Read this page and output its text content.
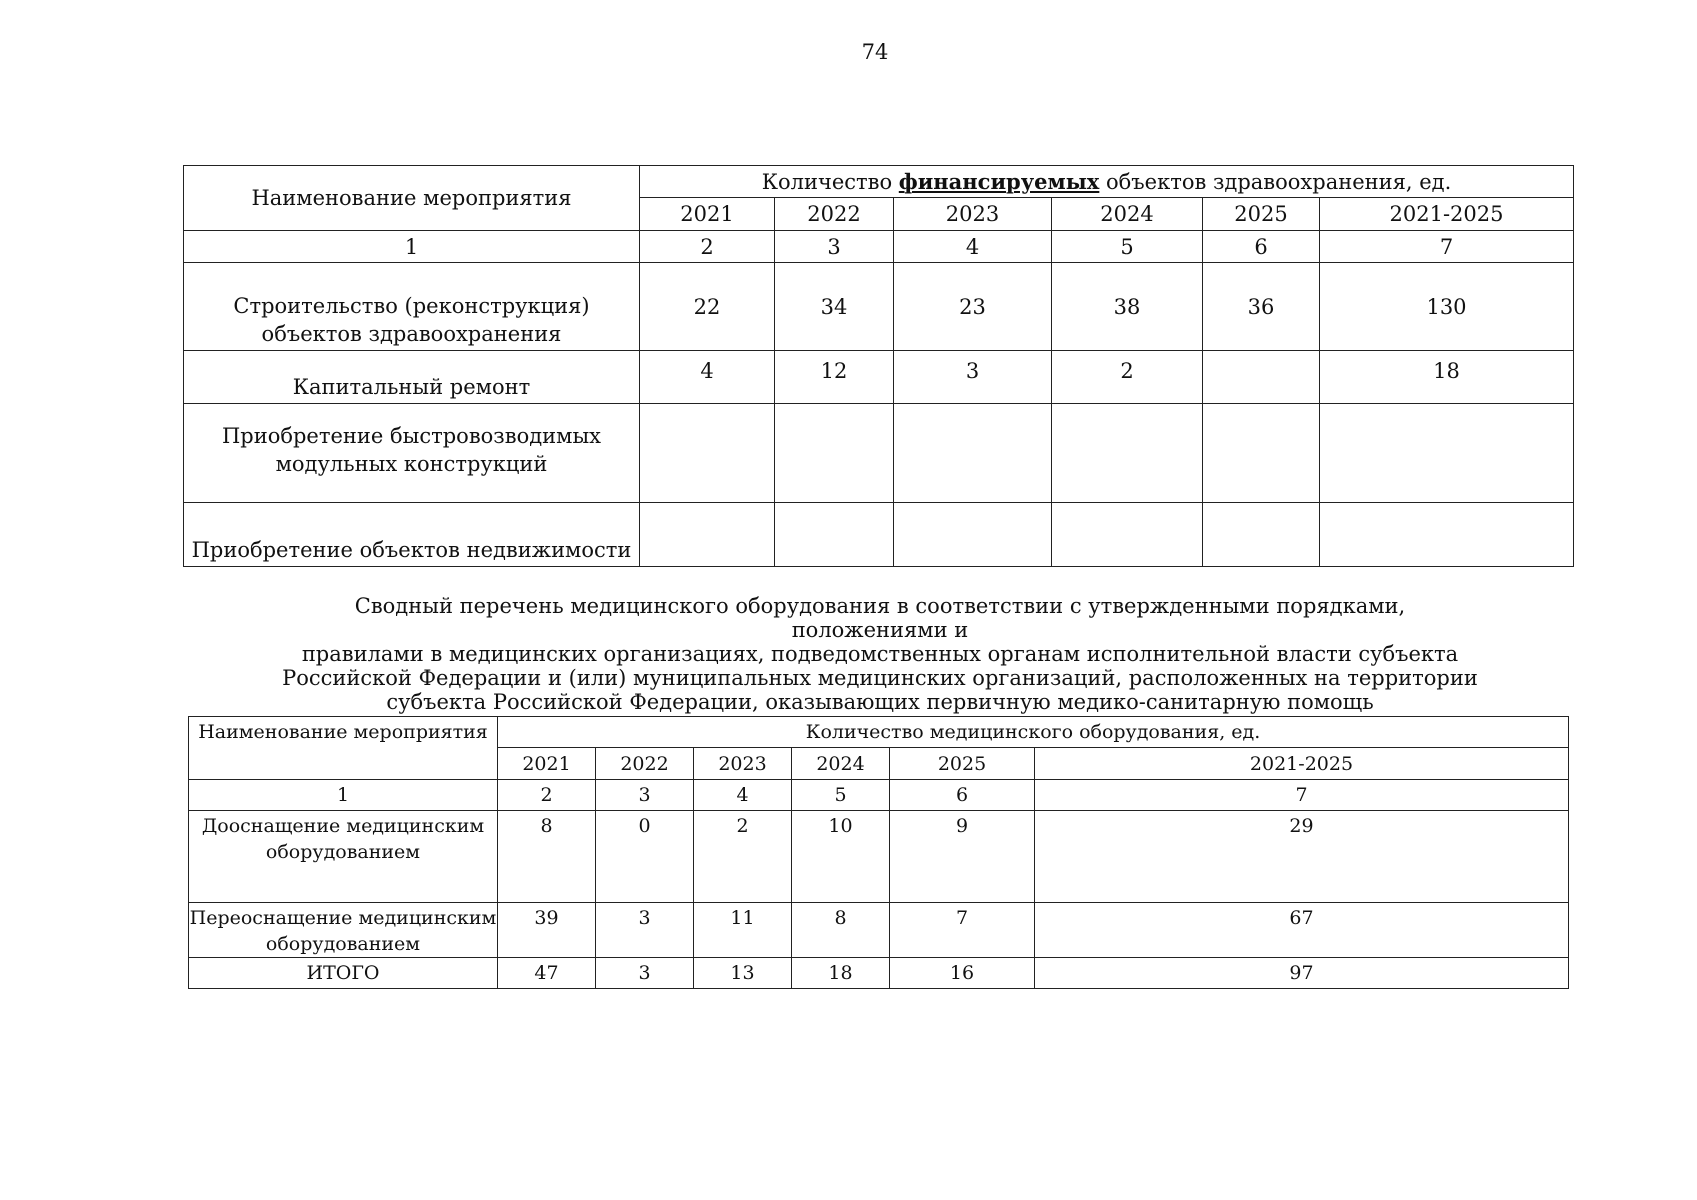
74
Наименование мероприятия	Количество финансируемых объектов здравоохранения, ед.					
	2021	2022	2023	2024	2025	2021-2025
1	2	3	4	5	6	7

Строительство (реконструкция)
объектов здравоохранения	22	34	23	38	36	130
Капитальный ремонт	4	12	3	2		18

Приобретение быстровозводимых
модульных конструкций						

Приобретение объектов недвижимости						
Сводный перечень медицинского оборудования в соответствии с утвержденными порядками, положениями и
правилами в медицинских организациях, подведомственных органам исполнительной власти субъекта
Российской Федерации и (или) муниципальных медицинских организаций, расположенных на территории
субъекта Российской Федерации, оказывающих первичную медико-санитарную помощь
Наименование мероприятия	Количество медицинского оборудования, ед.					
	2021	2022	2023	2024	2025	2021-2025
1	2	3	4	5	6	7

Дооснащение медицинским
оборудованием	8	0	2	10	9	29

Переоснащение медицинским
оборудованием	39	3	11	8	7	67
ИТОГО	47	3	13	18	16	97
